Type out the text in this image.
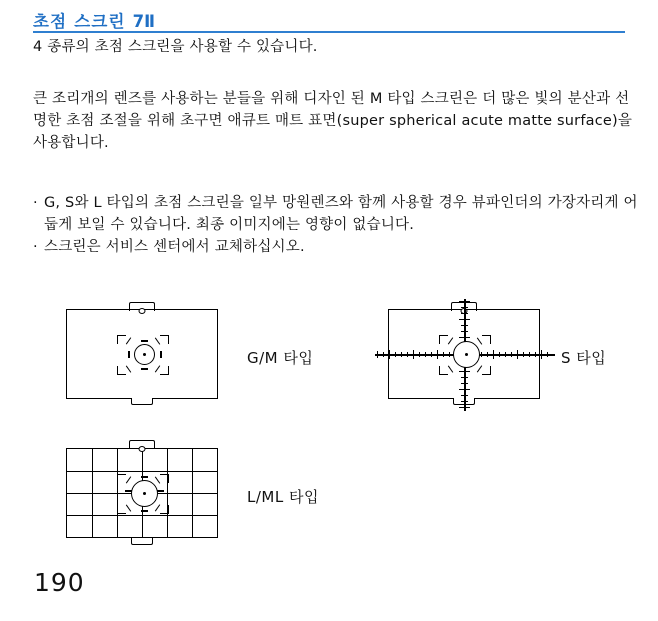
초점 스크린 7Ⅱ
4 종류의 초점 스크린을 사용할 수 있습니다.
큰 조리개의 렌즈를 사용하는 분들을 위해 디자인 된 M 타입 스크린은 더 많은 빛의 분산과 선명한 초점 조절을 위해 초구면 애큐트 매트 표면(super spherical acute matte surface)을 사용합니다.
· G, S와 L 타입의 초점 스크린을 일부 망원렌즈와 함께 사용할 경우 뷰파인더의 가장자리게 어둡게 보일 수 있습니다. 최종 이미지에는 영향이 없습니다.
· 스크린은 서비스 센터에서 교체하십시오.
G/M 타입	S 타입
L/ML 타입
190
